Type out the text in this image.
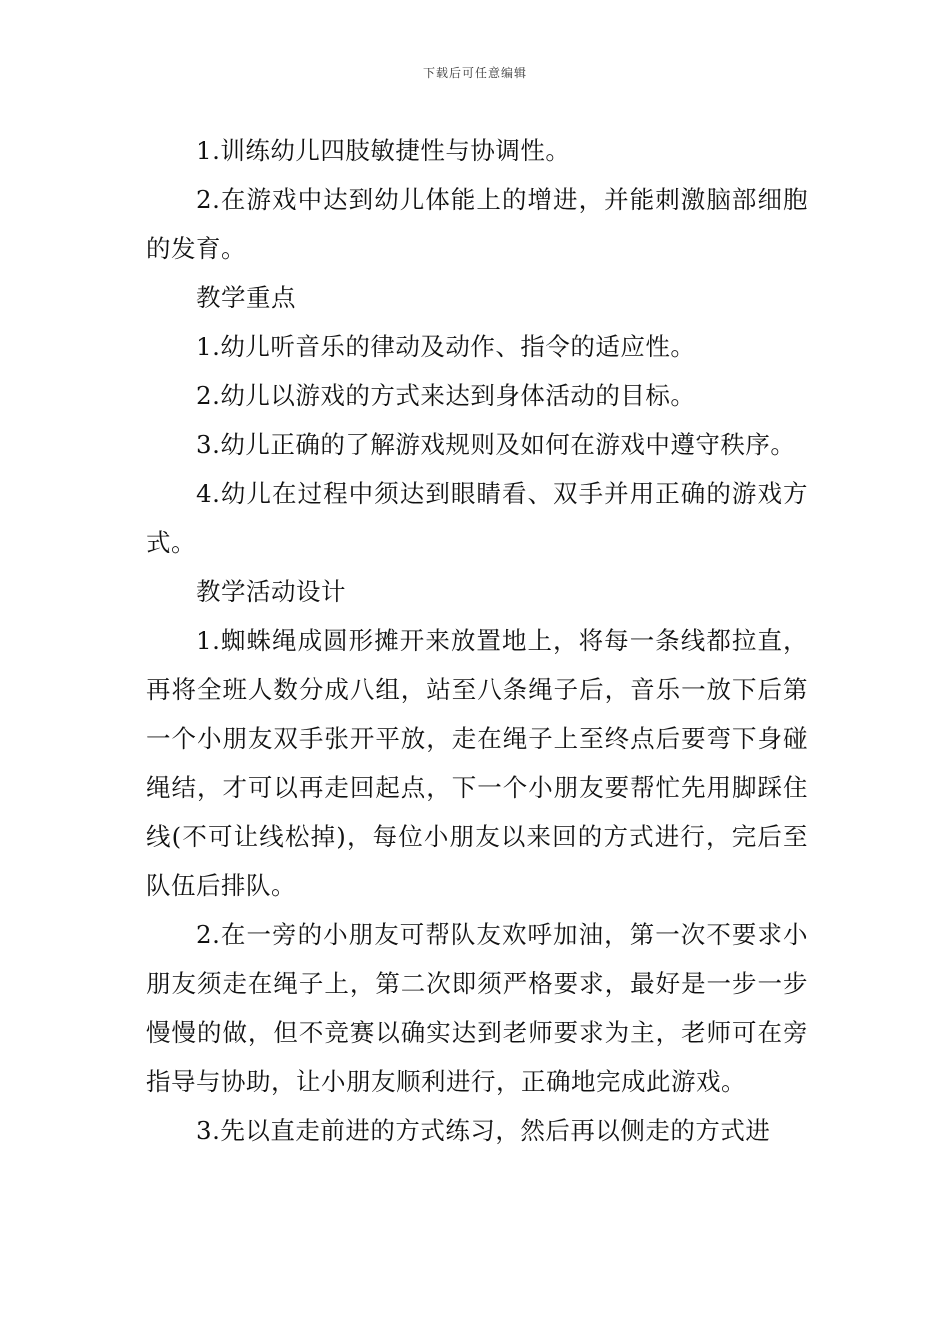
下载后可任意编辑

1.训练幼儿四肢敏捷性与协调性。

2.在游戏中达到幼儿体能上的增进，并能刺激脑部细胞的发育。

教学重点

1.幼儿听音乐的律动及动作、指令的适应性。

2.幼儿以游戏的方式来达到身体活动的目标。

3.幼儿正确的了解游戏规则及如何在游戏中遵守秩序。

4.幼儿在过程中须达到眼睛看、双手并用正确的游戏方式。

教学活动设计

1.蜘蛛绳成圆形摊开来放置地上，将每一条线都拉直，再将全班人数分成八组，站至八条绳子后，音乐一放下后第一个小朋友双手张开平放，走在绳子上至终点后要弯下身碰绳结，才可以再走回起点，下一个小朋友要帮忙先用脚踩住线(不可让线松掉)，每位小朋友以来回的方式进行，完后至队伍后排队。

2.在一旁的小朋友可帮队友欢呼加油，第一次不要求小朋友须走在绳子上，第二次即须严格要求，最好是一步一步慢慢的做，但不竞赛以确实达到老师要求为主，老师可在旁指导与协助，让小朋友顺利进行，正确地完成此游戏。

3.先以直走前进的方式练习，然后再以侧走的方式进
